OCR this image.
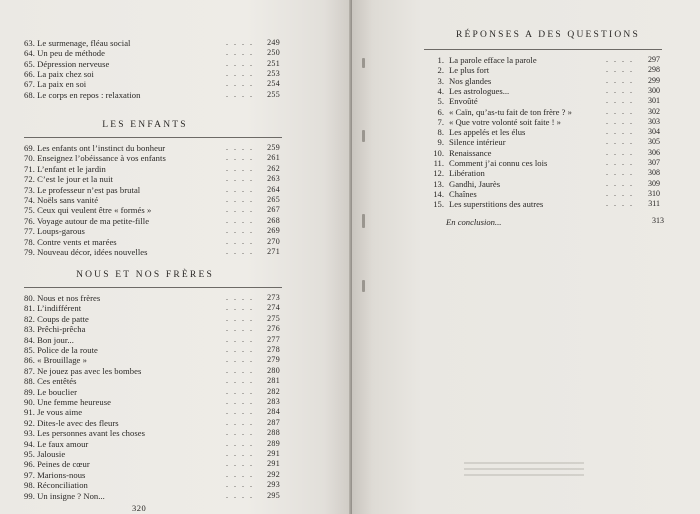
63. Le surmenage, fléau social	. . . . 249
64. Un peu de méthode	. . . . 250
65. Dépression nerveuse	. . . . 251
66. La paix chez soi	. . . . 253
67. La paix en soi	. . . . 254
68. Le corps en repos : relaxation	. . . . 255
LES ENFANTS
69. Les enfants ont l’instinct du bonheur	. . . . 259
70. Enseignez l’obéissance à vos enfants	. . . . 261
71. L’enfant et le jardin	. . . . 262
72. C’est le jour et la nuit	. . . . 263
73. Le professeur n’est pas brutal	. . . . 264
74. Noëls sans vanité	. . . . 265
75. Ceux qui veulent être « formés »	. . . . 267
76. Voyage autour de ma petite-fille	. . . . 268
77. Loups-garous	. . . . 269
78. Contre vents et marées	. . . . 270
79. Nouveau décor, idées nouvelles	. . . . 271
NOUS ET NOS FRÈRES
80. Nous et nos frères	. . . . 273
81. L’indifférent	. . . . 274
82. Coups de patte	. . . . 275
83. Prêchi-prêcha	. . . . 276
84. Bon jour...	. . . . 277
85. Police de la route	. . . . 278
86. « Brouillage »	. . . . 279
87. Ne jouez pas avec les bombes	. . . . 280
88. Ces entêtés	. . . . 281
89. Le bouclier	. . . . 282
90. Une femme heureuse	. . . . 283
91. Je vous aime	. . . . 284
92. Dites-le avec des fleurs	. . . . 287
93. Les personnes avant les choses	. . . . 288
94. Le faux amour	. . . . 289
95. Jalousie	. . . . 291
96. Peines de cœur	. . . . 291
97. Marions-nous	. . . . 292
98. Réconciliation	. . . . 293
99. Un insigne ? Non...	. . . . 295
320
RÉPONSES A DES QUESTIONS
1. La parole efface la parole	. . . . 297
2. Le plus fort	. . . . 298
3. Nos glandes	. . . . 299
4. Les astrologues...	. . . . 300
5. Envoûté	. . . . 301
6. « Caïn, qu’as-tu fait de ton frère ? »	. . . . 302
7. « Que votre volonté soit faite ! »	. . . . 303
8. Les appelés et les élus	. . . . 304
9. Silence intérieur	. . . . 305
10. Renaissance	. . . . 306
11. Comment j’ai connu ces lois	. . . . 307
12. Libération	. . . . 308
13. Gandhi, Jaurès	. . . . 309
14. Chaînes	. . . . 310
15. Les superstitions des autres	. . . . 311
En conclusion...	313
